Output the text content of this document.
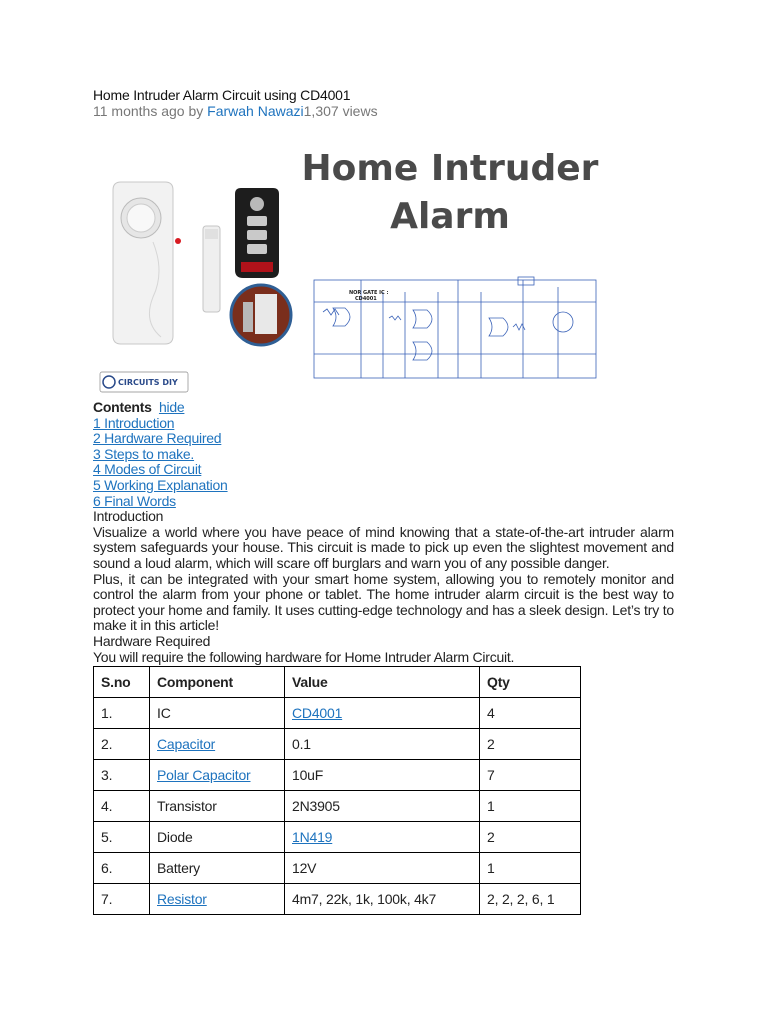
Home Intruder Alarm Circuit using CD4001
11 months ago by Farwah Nawazi1,307 views
Home Intruder
Alarm
NOR GATE IC :
CD4001
CIRCUITS DIY
Contents hide
1 Introduction
2 Hardware Required
3 Steps to make.
4 Modes of Circuit
5 Working Explanation
6 Final Words
Introduction
Visualize a world where you have peace of mind knowing that a state-of-the-art intruder alarm system safeguards your house. This circuit is made to pick up even the slightest movement and sound a loud alarm, which will scare off burglars and warn you of any possible danger.
Plus, it can be integrated with your smart home system, allowing you to remotely monitor and control the alarm from your phone or tablet. The home intruder alarm circuit is the best way to protect your home and family. It uses cutting-edge technology and has a sleek design. Let’s try to make it in this article!
Hardware Required
You will require the following hardware for Home Intruder Alarm Circuit.
S.no	Component	Value	Qty
1.	IC	CD4001	4
2.	Capacitor	0.1	2
3.	Polar Capacitor	10uF	7
4.	Transistor	2N3905	1
5.	Diode	1N419	2
6.	Battery	12V	1
7.	Resistor	4m7, 22k, 1k, 100k, 4k7	2, 2, 2, 6, 1
